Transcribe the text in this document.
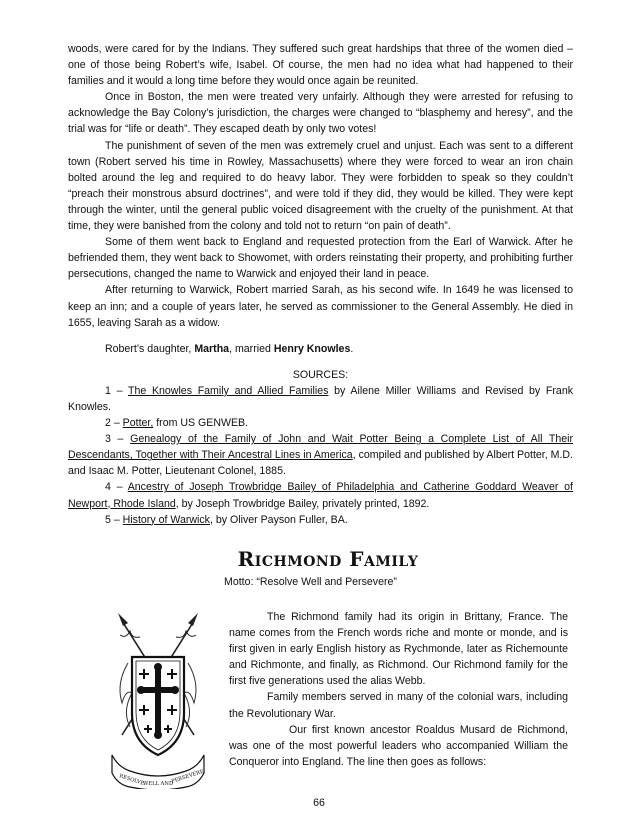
woods, were cared for by the Indians. They suffered such great hardships that three of the women died – one of those being Robert’s wife, Isabel. Of course, the men had no idea what had happened to their families and it would a long time before they would once again be reunited.

Once in Boston, the men were treated very unfairly. Although they were arrested for refusing to acknowledge the Bay Colony’s jurisdiction, the charges were changed to “blasphemy and heresy”, and the trial was for “life or death”. They escaped death by only two votes!

The punishment of seven of the men was extremely cruel and unjust. Each was sent to a different town (Robert served his time in Rowley, Massachusetts) where they were forced to wear an iron chain bolted around the leg and required to do heavy labor. They were forbidden to speak so they couldn’t “preach their monstrous absurd doctrines”, and were told if they did, they would be killed. They were kept through the winter, until the general public voiced disagreement with the cruelty of the punishment. At that time, they were banished from the colony and told not to return “on pain of death”.

Some of them went back to England and requested protection from the Earl of Warwick. After he befriended them, they went back to Showomet, with orders reinstating their property, and prohibiting further persecutions, changed the name to Warwick and enjoyed their land in peace.

After returning to Warwick, Robert married Sarah, as his second wife. In 1649 he was licensed to keep an inn; and a couple of years later, he served as commissioner to the General Assembly. He died in 1655, leaving Sarah as a widow.

Robert’s daughter, Martha, married Henry Knowles.

SOURCES:

1 – The Knowles Family and Allied Families by Ailene Miller Williams and Revised by Frank Knowles.

2 – Potter, from US GENWEB.

3 – Genealogy of the Family of John and Wait Potter Being a Complete List of All Their Descendants, Together with Their Ancestral Lines in America, compiled and published by Albert Potter, M.D. and Isaac M. Potter, Lieutenant Colonel, 1885.

4 – Ancestry of Joseph Trowbridge Bailey of Philadelphia and Catherine Goddard Weaver of Newport, Rhode Island, by Joseph Trowbridge Bailey, privately printed, 1892.

5 – History of Warwick, by Oliver Payson Fuller, BA.

Richmond Family
Motto: “Resolve Well and Persevere”
RESOLVE
WELL AND
PERSEVERE

The Richmond family had its origin in Brittany, France. The name comes from the French words riche and monte or monde, and is first given in early English history as Rychmonde, later as Richemounte and Richmonte, and finally, as Richmond. Our Richmond family for the first five generations used the alias Webb.

Family members served in many of the colonial wars, including the Revolutionary War.

Our first known ancestor Roaldus Musard de Richmond, was one of the most powerful leaders who accompanied William the Conqueror into England. The line then goes as follows:

66
